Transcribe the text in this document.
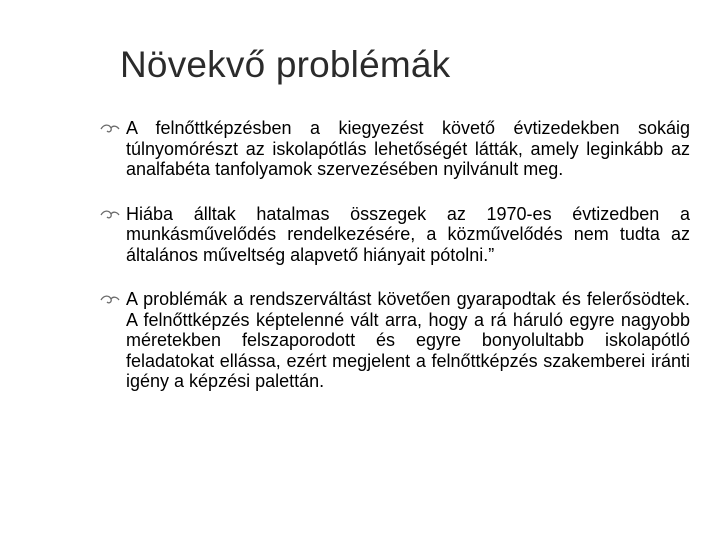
Növekvő problémák
A felnőttképzésben a kiegyezést követő évtizedekben sokáig túlnyomórészt az iskolapótlás lehetőségét látták, amely leginkább az analfabéta tanfolyamok szervezésében nyilvánult meg.
Hiába álltak hatalmas összegek az 1970-es évtizedben a munkásművelődés rendelkezésére, a közművelődés nem tudta az általános műveltség alapvető hiányait pótolni.”
A problémák a rendszerváltást követően gyarapodtak és felerősödtek. A felnőttképzés képtelenné vált arra, hogy a rá háruló egyre nagyobb méretekben felszaporodott és egyre bonyolultabb iskolapótló feladatokat ellássa, ezért megjelent a felnőttképzés szakemberei iránti igény a képzési palettán.
